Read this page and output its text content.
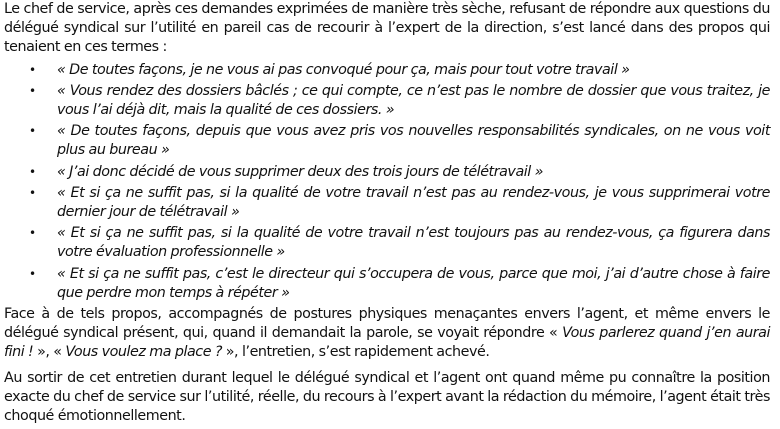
Le chef de service, après ces demandes exprimées de manière très sèche, refusant de répondre aux questions du délégué syndical sur l’utilité en pareil cas de recourir à l’expert de la direction, s’est lancé dans des propos qui tenaient en ces termes :

• « De toutes façons, je ne vous ai pas convoqué pour ça, mais pour tout votre travail »
• « Vous rendez des dossiers bâclés ; ce qui compte, ce n’est pas le nombre de dossier que vous traitez, je vous l’ai déjà dit, mais la qualité de ces dossiers. »
• « De toutes façons, depuis que vous avez pris vos nouvelles responsabilités syndicales, on ne vous voit plus au bureau »
• « J’ai donc décidé de vous supprimer deux des trois jours de télétravail »
• « Et si ça ne suffit pas, si la qualité de votre travail n’est pas au rendez-vous, je vous supprimerai votre dernier jour de télétravail »
• « Et si ça ne suffit pas, si la qualité de votre travail n’est toujours pas au rendez-vous, ça figurera dans votre évaluation professionnelle »
• « Et si ça ne suffit pas, c’est le directeur qui s’occupera de vous, parce que moi, j’ai d’autre chose à faire que perdre mon temps à répéter »

Face à de tels propos, accompagnés de postures physiques menaçantes envers l’agent, et même envers le délégué syndical présent, qui, quand il demandait la parole, se voyait répondre « Vous parlerez quand j’en aurai fini ! », « Vous voulez ma place ? », l’entretien, s’est rapidement achevé.

Au sortir de cet entretien durant lequel le délégué syndical et l’agent ont quand même pu connaître la position exacte du chef de service sur l’utilité, réelle, du recours à l’expert avant la rédaction du mémoire, l’agent était très choqué émotionnellement.
